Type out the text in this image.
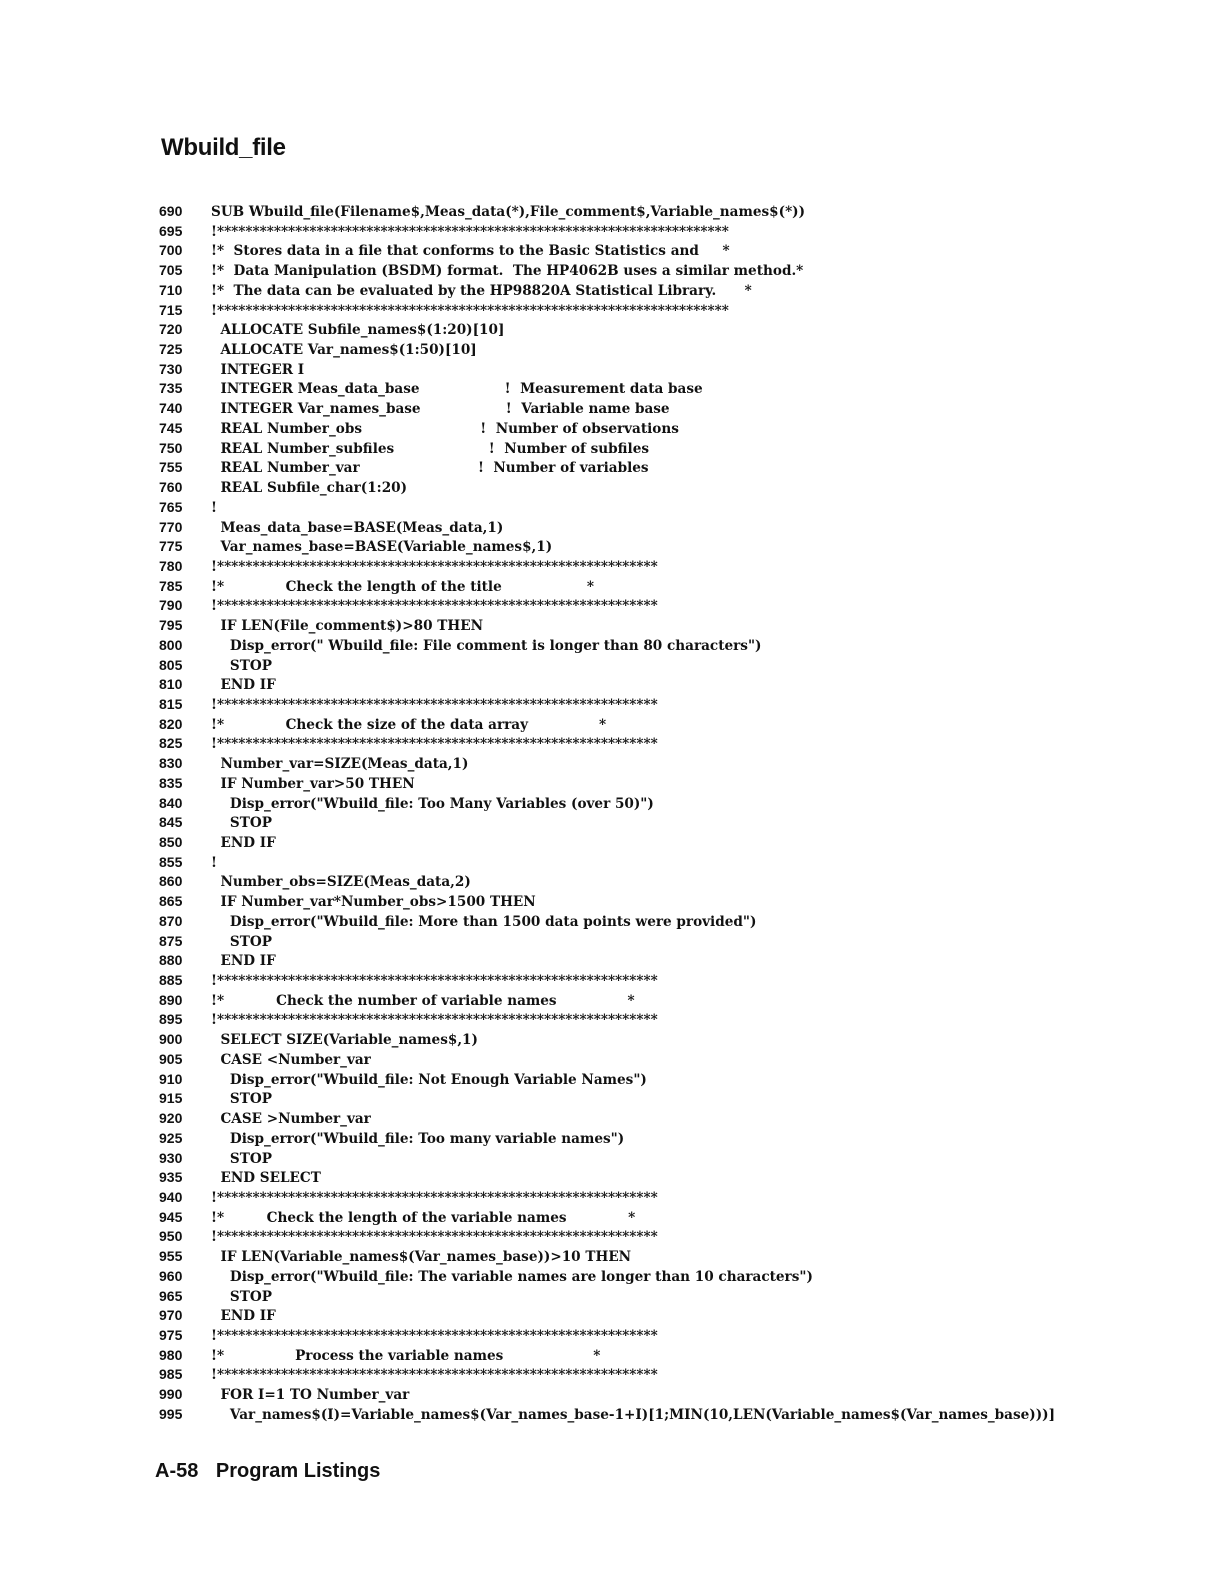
Wbuild_file
690 SUB Wbuild_file(Filename$,Meas_data(*),File_comment$,Variable_names$(*))
695 !************************************************************************
700 !*  Stores data in a file that conforms to the Basic Statistics and     *
705 !*  Data Manipulation (BSDM) format.  The HP4062B uses a similar method.*
710 !*  The data can be evaluated by the HP98820A Statistical Library.      *
715 !************************************************************************
720  ALLOCATE Subfile_names$(1:20)[10]
725  ALLOCATE Var_names$(1:50)[10]
730  INTEGER I
735  INTEGER Meas_data_base                  !  Measurement data base
740  INTEGER Var_names_base                  !  Variable name base
745  REAL Number_obs                         !  Number of observations
750  REAL Number_subfiles                    !  Number of subfiles
755  REAL Number_var                         !  Number of variables
760  REAL Subfile_char(1:20)
765 !
770  Meas_data_base=BASE(Meas_data,1)
775  Var_names_base=BASE(Variable_names$,1)
780 !**************************************************************
785 !*             Check the length of the title                  *
790 !**************************************************************
795  IF LEN(File_comment$)>80 THEN
800    Disp_error(" Wbuild_file: File comment is longer than 80 characters")
805    STOP
810  END IF
815 !**************************************************************
820 !*             Check the size of the data array               *
825 !**************************************************************
830  Number_var=SIZE(Meas_data,1)
835  IF Number_var>50 THEN
840    Disp_error("Wbuild_file: Too Many Variables (over 50)")
845    STOP
850  END IF
855 !
860  Number_obs=SIZE(Meas_data,2)
865  IF Number_var*Number_obs>1500 THEN
870    Disp_error("Wbuild_file: More than 1500 data points were provided")
875    STOP
880  END IF
885 !**************************************************************
890 !*           Check the number of variable names               *
895 !**************************************************************
900  SELECT SIZE(Variable_names$,1)
905  CASE <Number_var
910    Disp_error("Wbuild_file: Not Enough Variable Names")
915    STOP
920  CASE >Number_var
925    Disp_error("Wbuild_file: Too many variable names")
930    STOP
935  END SELECT
940 !**************************************************************
945 !*         Check the length of the variable names             *
950 !**************************************************************
955  IF LEN(Variable_names$(Var_names_base))>10 THEN
960    Disp_error("Wbuild_file: The variable names are longer than 10 characters")
965    STOP
970  END IF
975 !**************************************************************
980 !*               Process the variable names                   *
985 !**************************************************************
990  FOR I=1 TO Number_var
995    Var_names$(I)=Variable_names$(Var_names_base-1+I)[1;MIN(10,LEN(Variable_names$(Var_names_base)))]
A-58 Program Listings
